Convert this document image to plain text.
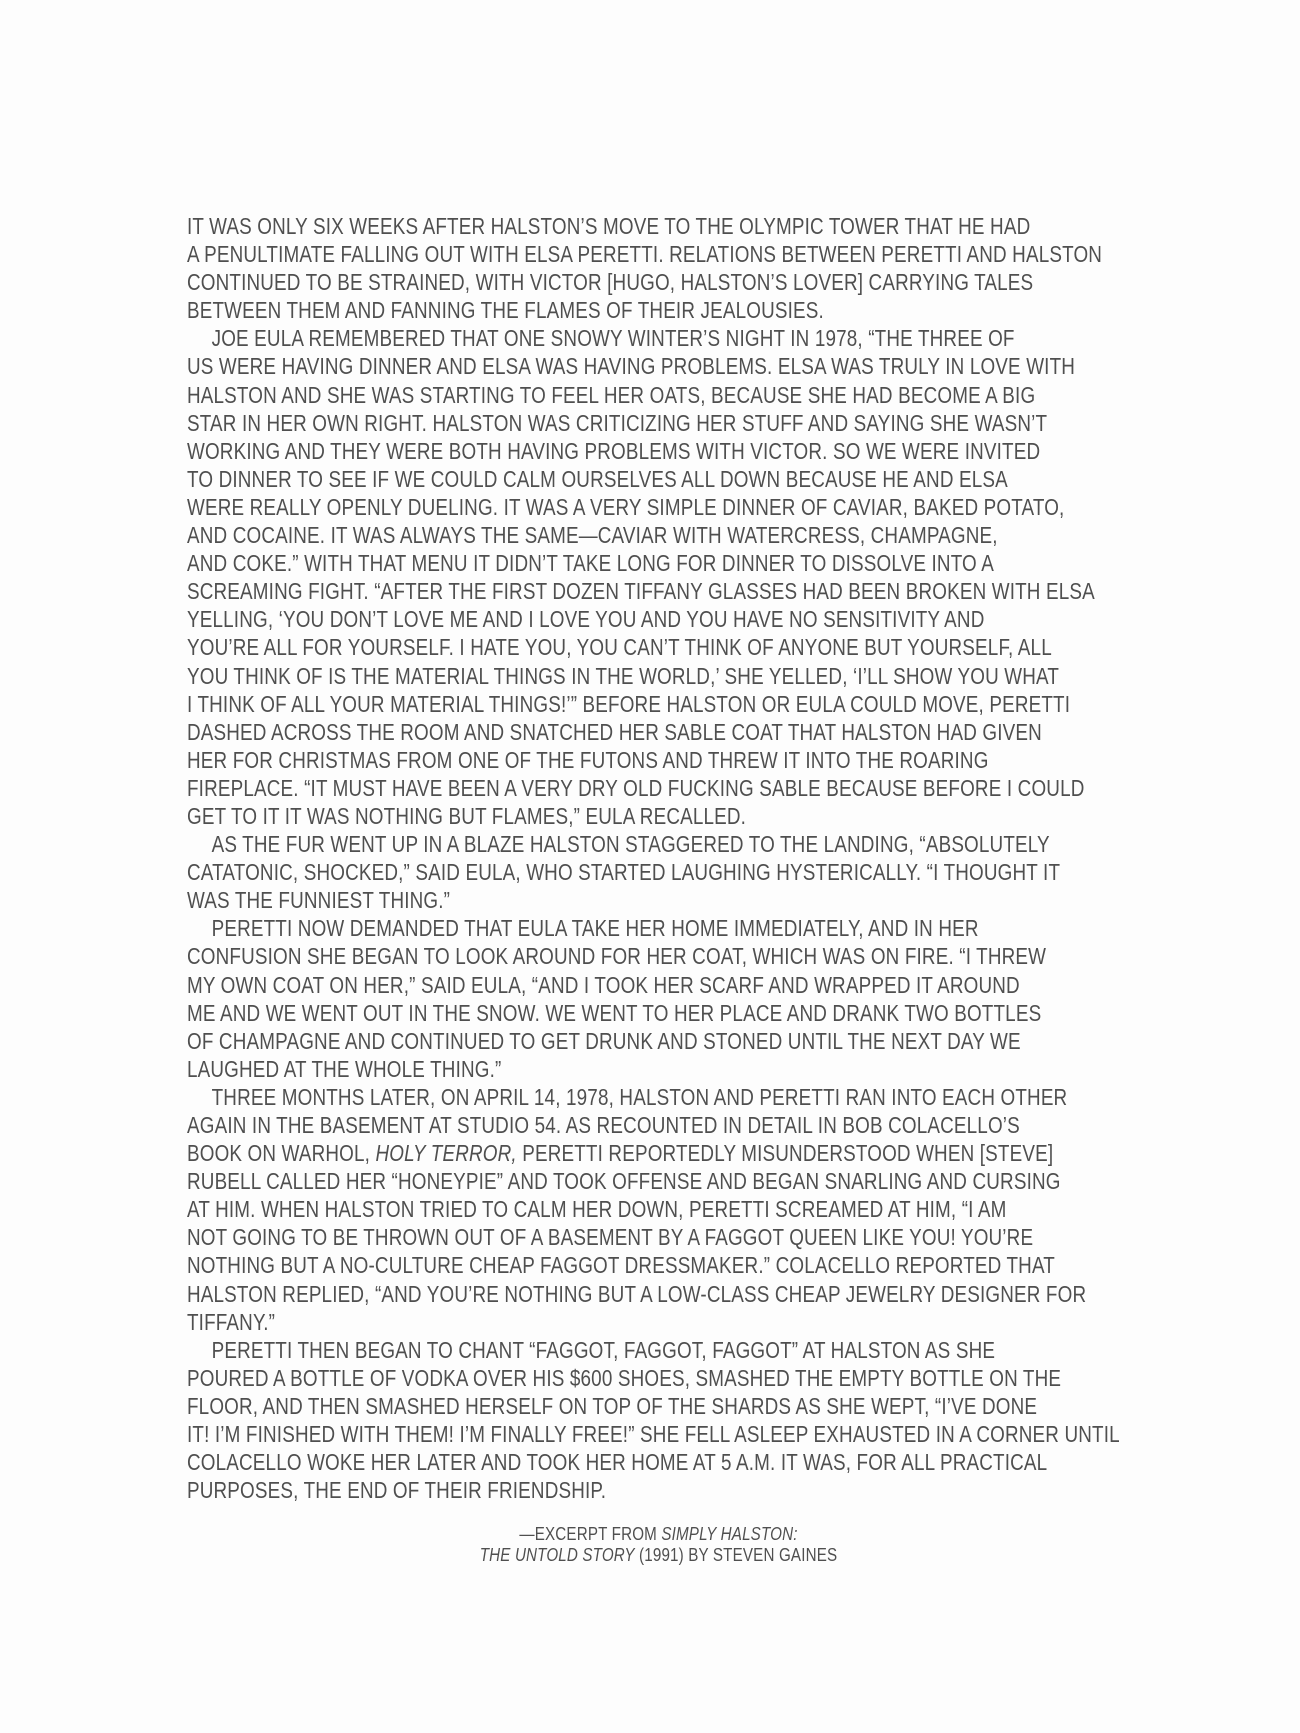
IT WAS ONLY SIX WEEKS AFTER HALSTON’S MOVE TO THE OLYMPIC TOWER THAT HE HAD
A PENULTIMATE FALLING OUT WITH ELSA PERETTI. RELATIONS BETWEEN PERETTI AND HALSTON
CONTINUED TO BE STRAINED, WITH VICTOR [HUGO, HALSTON’S LOVER] CARRYING TALES
BETWEEN THEM AND FANNING THE FLAMES OF THEIR JEALOUSIES.
JOE EULA REMEMBERED THAT ONE SNOWY WINTER’S NIGHT IN 1978, “THE THREE OF
US WERE HAVING DINNER AND ELSA WAS HAVING PROBLEMS. ELSA WAS TRULY IN LOVE WITH
HALSTON AND SHE WAS STARTING TO FEEL HER OATS, BECAUSE SHE HAD BECOME A BIG
STAR IN HER OWN RIGHT. HALSTON WAS CRITICIZING HER STUFF AND SAYING SHE WASN’T
WORKING AND THEY WERE BOTH HAVING PROBLEMS WITH VICTOR. SO WE WERE INVITED
TO DINNER TO SEE IF WE COULD CALM OURSELVES ALL DOWN BECAUSE HE AND ELSA
WERE REALLY OPENLY DUELING. IT WAS A VERY SIMPLE DINNER OF CAVIAR, BAKED POTATO,
AND COCAINE. IT WAS ALWAYS THE SAME—CAVIAR WITH WATERCRESS, CHAMPAGNE,
AND COKE.” WITH THAT MENU IT DIDN’T TAKE LONG FOR DINNER TO DISSOLVE INTO A
SCREAMING FIGHT. “AFTER THE FIRST DOZEN TIFFANY GLASSES HAD BEEN BROKEN WITH ELSA
YELLING, ‘YOU DON’T LOVE ME AND I LOVE YOU AND YOU HAVE NO SENSITIVITY AND
YOU’RE ALL FOR YOURSELF. I HATE YOU, YOU CAN’T THINK OF ANYONE BUT YOURSELF, ALL
YOU THINK OF IS THE MATERIAL THINGS IN THE WORLD,’ SHE YELLED, ‘I’LL SHOW YOU WHAT
I THINK OF ALL YOUR MATERIAL THINGS!’” BEFORE HALSTON OR EULA COULD MOVE, PERETTI
DASHED ACROSS THE ROOM AND SNATCHED HER SABLE COAT THAT HALSTON HAD GIVEN
HER FOR CHRISTMAS FROM ONE OF THE FUTONS AND THREW IT INTO THE ROARING
FIREPLACE. “IT MUST HAVE BEEN A VERY DRY OLD FUCKING SABLE BECAUSE BEFORE I COULD
GET TO IT IT WAS NOTHING BUT FLAMES,” EULA RECALLED.
AS THE FUR WENT UP IN A BLAZE HALSTON STAGGERED TO THE LANDING, “ABSOLUTELY
CATATONIC, SHOCKED,” SAID EULA, WHO STARTED LAUGHING HYSTERICALLY. “I THOUGHT IT
WAS THE FUNNIEST THING.”
PERETTI NOW DEMANDED THAT EULA TAKE HER HOME IMMEDIATELY, AND IN HER
CONFUSION SHE BEGAN TO LOOK AROUND FOR HER COAT, WHICH WAS ON FIRE. “I THREW
MY OWN COAT ON HER,” SAID EULA, “AND I TOOK HER SCARF AND WRAPPED IT AROUND
ME AND WE WENT OUT IN THE SNOW. WE WENT TO HER PLACE AND DRANK TWO BOTTLES
OF CHAMPAGNE AND CONTINUED TO GET DRUNK AND STONED UNTIL THE NEXT DAY WE
LAUGHED AT THE WHOLE THING.”
THREE MONTHS LATER, ON APRIL 14, 1978, HALSTON AND PERETTI RAN INTO EACH OTHER
AGAIN IN THE BASEMENT AT STUDIO 54. AS RECOUNTED IN DETAIL IN BOB COLACELLO’S
BOOK ON WARHOL, HOLY TERROR, PERETTI REPORTEDLY MISUNDERSTOOD WHEN [STEVE]
RUBELL CALLED HER “HONEYPIE” AND TOOK OFFENSE AND BEGAN SNARLING AND CURSING
AT HIM. WHEN HALSTON TRIED TO CALM HER DOWN, PERETTI SCREAMED AT HIM, “I AM
NOT GOING TO BE THROWN OUT OF A BASEMENT BY A FAGGOT QUEEN LIKE YOU! YOU’RE
NOTHING BUT A NO-CULTURE CHEAP FAGGOT DRESSMAKER.” COLACELLO REPORTED THAT
HALSTON REPLIED, “AND YOU’RE NOTHING BUT A LOW-CLASS CHEAP JEWELRY DESIGNER FOR
TIFFANY.”
PERETTI THEN BEGAN TO CHANT “FAGGOT, FAGGOT, FAGGOT” AT HALSTON AS SHE
POURED A BOTTLE OF VODKA OVER HIS $600 SHOES, SMASHED THE EMPTY BOTTLE ON THE
FLOOR, AND THEN SMASHED HERSELF ON TOP OF THE SHARDS AS SHE WEPT, “I’VE DONE
IT! I’M FINISHED WITH THEM! I’M FINALLY FREE!” SHE FELL ASLEEP EXHAUSTED IN A CORNER UNTIL
COLACELLO WOKE HER LATER AND TOOK HER HOME AT 5 A.M. IT WAS, FOR ALL PRACTICAL
PURPOSES, THE END OF THEIR FRIENDSHIP.
—EXCERPT FROM SIMPLY HALSTON:
THE UNTOLD STORY (1991) BY STEVEN GAINES
